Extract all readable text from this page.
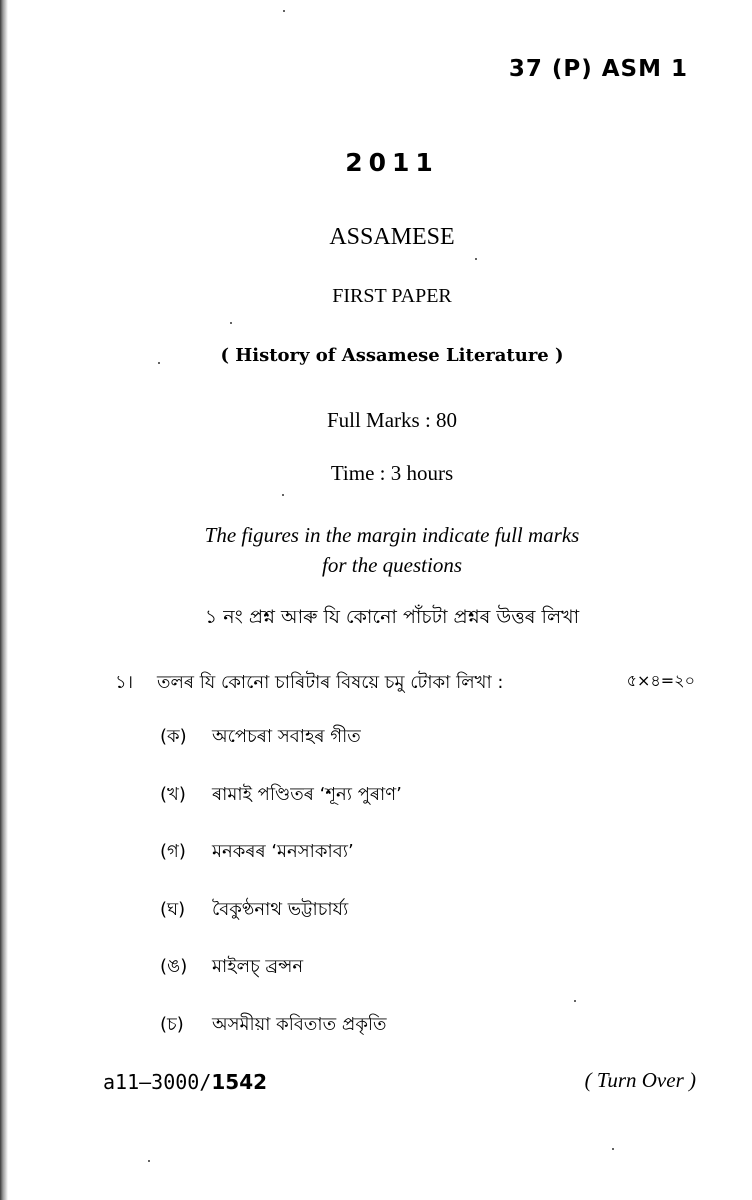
37 (P) ASM 1
2011
ASSAMESE
FIRST PAPER
( History of Assamese Literature )
Full Marks : 80
Time : 3 hours
The figures in the margin indicate full marks
for the questions
১ নং প্ৰশ্ন আৰু যি কোনো পাঁচটা প্ৰশ্নৰ উত্তৰ লিখা
১। তলৰ যি কোনো চাৰিটাৰ বিষয়ে চমু টোকা লিখা :	৫×৪=২০
(ক)	অপেচৰা সবাহৰ গীত
(খ)	ৰামাই পণ্ডিতৰ ‘শূন্য পুৰাণ’
(গ)	মনকৰৰ ‘মনসাকাব্য’
(ঘ)	বৈকুণ্ঠনাথ ভট্টাচাৰ্য্য
(ঙ)	মাইলচ্ ব্ৰন্সন
(চ)	অসমীয়া কবিতাত প্ৰকৃতি
a11—3000/1542	( Turn Over )
